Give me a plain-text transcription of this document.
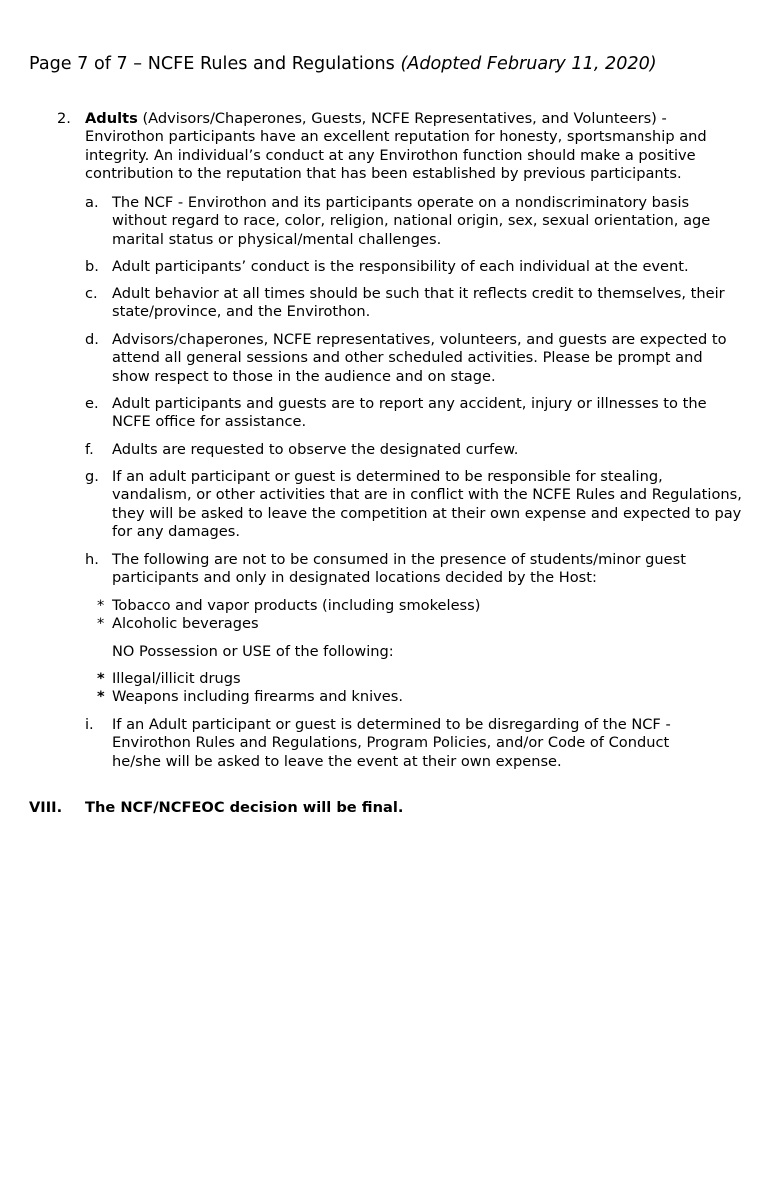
Page 7 of 7 – NCFE Rules and Regulations (Adopted February 11, 2020)
2. Adults (Advisors/Chaperones, Guests, NCFE Representatives, and Volunteers) - Envirothon participants have an excellent reputation for honesty, sportsmanship and integrity. An individual’s conduct at any Envirothon function should make a positive contribution to the reputation that has been established by previous participants.
a. The NCF - Envirothon and its participants operate on a nondiscriminatory basis without regard to race, color, religion, national origin, sex, sexual orientation, age marital status or physical/mental challenges.
b. Adult participants’ conduct is the responsibility of each individual at the event.
c. Adult behavior at all times should be such that it reflects credit to themselves, their state/province, and the Envirothon.
d. Advisors/chaperones, NCFE representatives, volunteers, and guests are expected to attend all general sessions and other scheduled activities. Please be prompt and show respect to those in the audience and on stage.
e. Adult participants and guests are to report any accident, injury or illnesses to the NCFE office for assistance.
f. Adults are requested to observe the designated curfew.
g. If an adult participant or guest is determined to be responsible for stealing, vandalism, or other activities that are in conflict with the NCFE Rules and Regulations, they will be asked to leave the competition at their own expense and expected to pay for any damages.
h. The following are not to be consumed in the presence of students/minor guest participants and only in designated locations decided by the Host:
* Tobacco and vapor products (including smokeless)
* Alcoholic beverages
NO Possession or USE of the following:
* Illegal/illicit drugs
* Weapons including firearms and knives.
i. If an Adult participant or guest is determined to be disregarding of the NCF - Envirothon Rules and Regulations, Program Policies, and/or Code of Conduct he/she will be asked to leave the event at their own expense.
VIII. The NCF/NCFEOC decision will be final.
